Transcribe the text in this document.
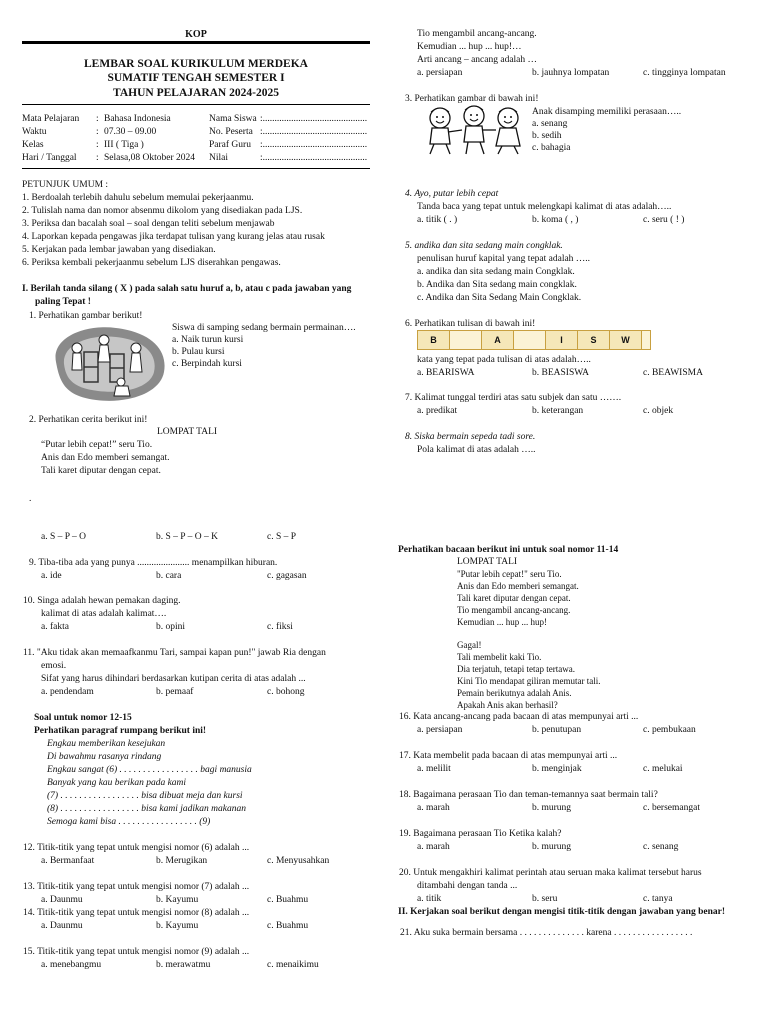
KOP
LEMBAR SOAL KURIKULUM MERDEKA
SUMATIF TENGAH SEMESTER I
TAHUN PELAJARAN 2024-2025
Mata Pelajaran : Bahasa Indonesia
Waktu	: 07.30 – 09.00
Kelas	: III ( Tiga )
Hari / Tanggal : Selasa,08 Oktober 2024
Nama Siswa :............................................
No. Peserta :............................................
Paraf Guru :............................................
Nilai	:............................................
PETUNJUK UMUM :
1. Berdoalah terlebih dahulu sebelum memulai pekerjaanmu.
2. Tulislah nama dan nomor absenmu dikolom yang disediakan pada LJS.
3. Periksa dan bacalah soal – soal dengan teliti sebelum menjawab
4. Laporkan kepada pengawas jika terdapat tulisan yang kurang jelas atau rusak
5. Kerjakan pada lembar jawaban yang disediakan.
6. Periksa kembali pekerjaanmu sebelum LJS diserahkan pengawas.
I. Berilah tanda silang ( X ) pada salah satu huruf a, b, atau c pada jawaban yang
paling Tepat !
1. Perhatikan gambar berikut!
Siswa di samping sedang bermain permainan….
a. Naik turun kursi
b. Pulau kursi
c. Berpindah kursi
2. Perhatikan cerita berikut ini!
LOMPAT TALI
“Putar lebih cepat!” seru Tio.
Anis dan Edo memberi semangat.
Tali karet diputar dengan cepat.
.
a. S – P – O	b. S – P – O – K	c. S – P
9. Tiba-tiba ada yang punya ...................... menampilkan hiburan.
a. ide	b. cara	c. gagasan
10. Singa adalah hewan pemakan daging.
kalimat di atas adalah kalimat….
a. fakta	b. opini	c. fiksi
11. "Aku tidak akan memaafkanmu Tari, sampai kapan pun!" jawab Ria dengan
emosi.
Sifat yang harus dihindari berdasarkan kutipan cerita di atas adalah ...
a. pendendam	b. pemaaf	c. bohong
Soal untuk nomor 12-15
Perhatikan paragraf rumpang berikut ini!
Engkau memberikan kesejukan
Di bawahmu rasanya rindang
Engkau sangat (6) . . . . . . . . . . . . . . . . . bagi manusia
Banyak yang kau berikan pada kami
(7) . . . . . . . . . . . . . . . . . bisa dibuat meja dan kursi
(8) . . . . . . . . . . . . . . . . . bisa kami jadikan makanan
Semoga kami bisa . . . . . . . . . . . . . . . . . (9)
12. Titik-titik yang tepat untuk mengisi nomor (6) adalah ...
a. Bermanfaat	b. Merugikan	c. Menyusahkan
13. Titik-titik yang tepat untuk mengisi nomor (7) adalah ...
a. Daunmu	b. Kayumu	c. Buahmu
14. Titik-titik yang tepat untuk mengisi nomor (8) adalah ...
a. Daunmu	b. Kayumu	c. Buahmu
15. Titik-titik yang tepat untuk mengisi nomor (9) adalah ...
a. menebangmu	b. merawatmu	c. menaikimu
Tio mengambil ancang-ancang.
Kemudian ... hup ... hup!…
Arti ancang – ancang adalah …
a. persiapan	b. jauhnya lompatan	c. tingginya lompatan
3. Perhatikan gambar di bawah ini!
Anak disamping memiliki perasaan…..
a. senang
b. sedih
c. bahagia
4. Ayo, putar lebih cepat
Tanda baca yang tepat untuk melengkapi kalimat di atas adalah…..
a. titik ( . )	b. koma ( , )	c. seru ( ! )
5. andika dan sita sedang main congklak.
penulisan huruf kapital yang tepat adalah …..
a. andika dan sita sedang main Congklak.
b. Andika dan Sita sedang main congklak.
c. Andika dan Sita Sedang Main Congklak.
6. Perhatikan tulisan di bawah ini!
B	A	I	S	W
kata yang tepat pada tulisan di atas adalah…..
a. BEARISWA	b. BEASISWA	c. BEAWISMA
7. Kalimat tunggal terdiri atas satu subjek dan satu …….
a. predikat	b. keterangan	c. objek
8. Siska bermain sepeda tadi sore.
Pola kalimat di atas adalah …..
Perhatikan bacaan berikut ini untuk soal nomor 11-14
LOMPAT TALI
"Putar lebih cepat!" seru Tio.
Anis dan Edo memberi semangat.
Tali karet diputar dengan cepat.
Tio mengambil ancang-ancang.
Kemudian ... hup ... hup!
Gagal!
Tali membelit kaki Tio.
Dia terjatuh, tetapi tetap tertawa.
Kini Tio mendapat giliran memutar tali.
Pemain berikutnya adalah Anis.
Apakah Anis akan berhasil?
16. Kata ancang-ancang pada bacaan di atas mempunyai arti ...
a. persiapan	b. penutupan	c. pembukaan
17. Kata membelit pada bacaan di atas mempunyai arti ...
a. melilit	b. menginjak	c. melukai
18. Bagaimana perasaan Tio dan teman-temannya saat bermain tali?
a. marah	b. murung	c. bersemangat
19. Bagaimana perasaan Tio Ketika kalah?
a. marah	b. murung	c. senang
20. Untuk mengakhiri kalimat perintah atau seruan maka kalimat tersebut harus
ditambahi dengan tanda ...
a. titik	b. seru	c. tanya
II. Kerjakan soal berikut dengan mengisi titik-titik dengan jawaban yang benar!
21. Aku suka bermain bersama . . . . . . . . . . . . . . karena . . . . . . . . . . . . . . . . .
